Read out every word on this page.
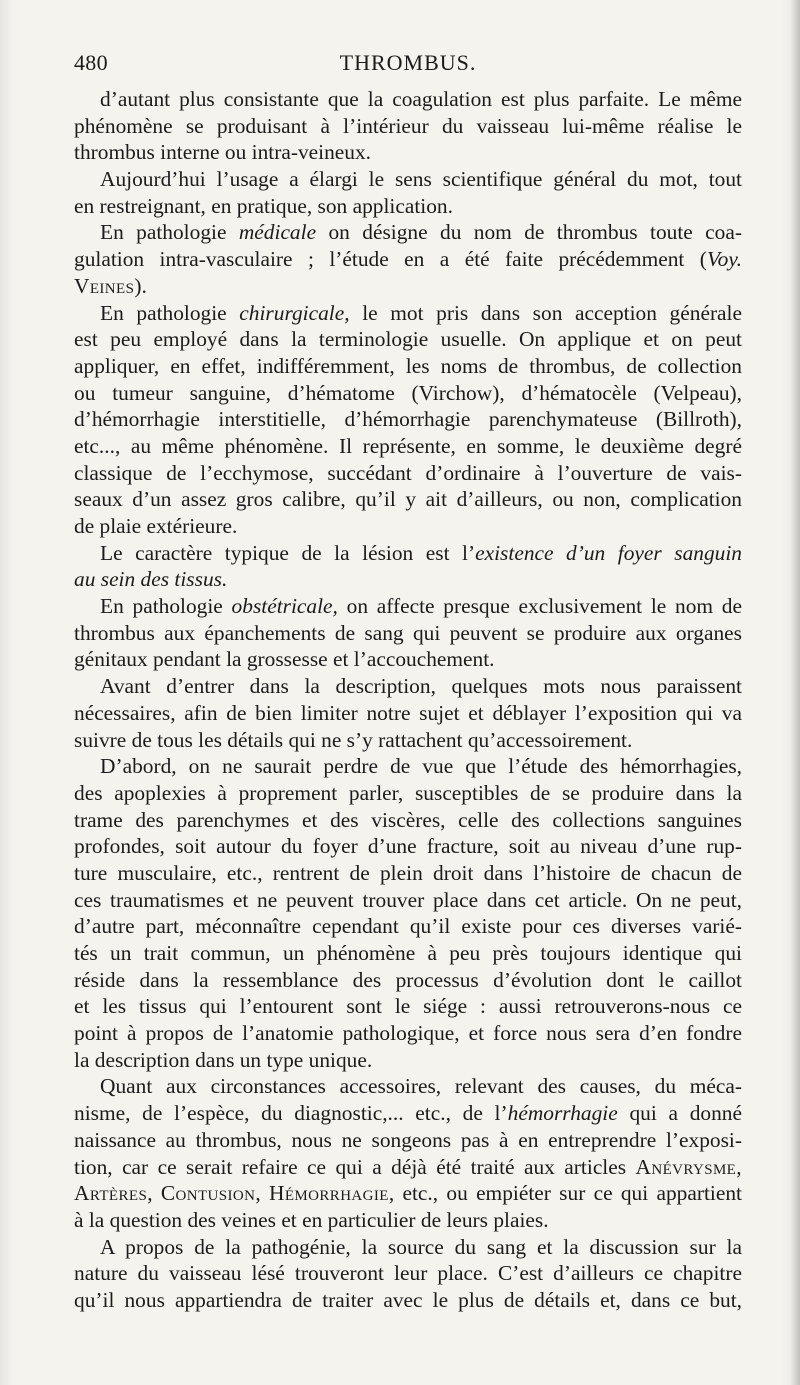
480	THROMBUS.
d’autant plus consistante que la coagulation est plus parfaite. Le même
phénomène se produisant à l’intérieur du vaisseau lui-même réalise le
thrombus interne ou intra-veineux.
Aujourd’hui l’usage a élargi le sens scientifique général du mot, tout
en restreignant, en pratique, son application.
En pathologie médicale on désigne du nom de thrombus toute coa-
gulation intra-vasculaire ; l’étude en a été faite précédemment (Voy.
Veines).
En pathologie chirurgicale, le mot pris dans son acception générale
est peu employé dans la terminologie usuelle. On applique et on peut
appliquer, en effet, indifféremment, les noms de thrombus, de collection
ou tumeur sanguine, d’hématome (Virchow), d’hématocèle (Velpeau),
d’hémorrhagie interstitielle, d’hémorrhagie parenchymateuse (Billroth),
etc..., au même phénomène. Il représente, en somme, le deuxième degré
classique de l’ecchymose, succédant d’ordinaire à l’ouverture de vais-
seaux d’un assez gros calibre, qu’il y ait d’ailleurs, ou non, complication
de plaie extérieure.
Le caractère typique de la lésion est l’existence d’un foyer sanguin
au sein des tissus.
En pathologie obstétricale, on affecte presque exclusivement le nom de
thrombus aux épanchements de sang qui peuvent se produire aux organes
génitaux pendant la grossesse et l’accouchement.
Avant d’entrer dans la description, quelques mots nous paraissent
nécessaires, afin de bien limiter notre sujet et déblayer l’exposition qui va
suivre de tous les détails qui ne s’y rattachent qu’accessoirement.
D’abord, on ne saurait perdre de vue que l’étude des hémorrhagies,
des apoplexies à proprement parler, susceptibles de se produire dans la
trame des parenchymes et des viscères, celle des collections sanguines
profondes, soit autour du foyer d’une fracture, soit au niveau d’une rup-
ture musculaire, etc., rentrent de plein droit dans l’histoire de chacun de
ces traumatismes et ne peuvent trouver place dans cet article. On ne peut,
d’autre part, méconnaître cependant qu’il existe pour ces diverses varié-
tés un trait commun, un phénomène à peu près toujours identique qui
réside dans la ressemblance des processus d’évolution dont le caillot
et les tissus qui l’entourent sont le siége : aussi retrouverons-nous ce
point à propos de l’anatomie pathologique, et force nous sera d’en fondre
la description dans un type unique.
Quant aux circonstances accessoires, relevant des causes, du méca-
nisme, de l’espèce, du diagnostic,... etc., de l’hémorrhagie qui a donné
naissance au thrombus, nous ne songeons pas à en entreprendre l’exposi-
tion, car ce serait refaire ce qui a déjà été traité aux articles Anévrysme,
Artères, Contusion, Hémorrhagie, etc., ou empiéter sur ce qui appartient
à la question des veines et en particulier de leurs plaies.
A propos de la pathogénie, la source du sang et la discussion sur la
nature du vaisseau lésé trouveront leur place. C’est d’ailleurs ce chapitre
qu’il nous appartiendra de traiter avec le plus de détails et, dans ce but,
